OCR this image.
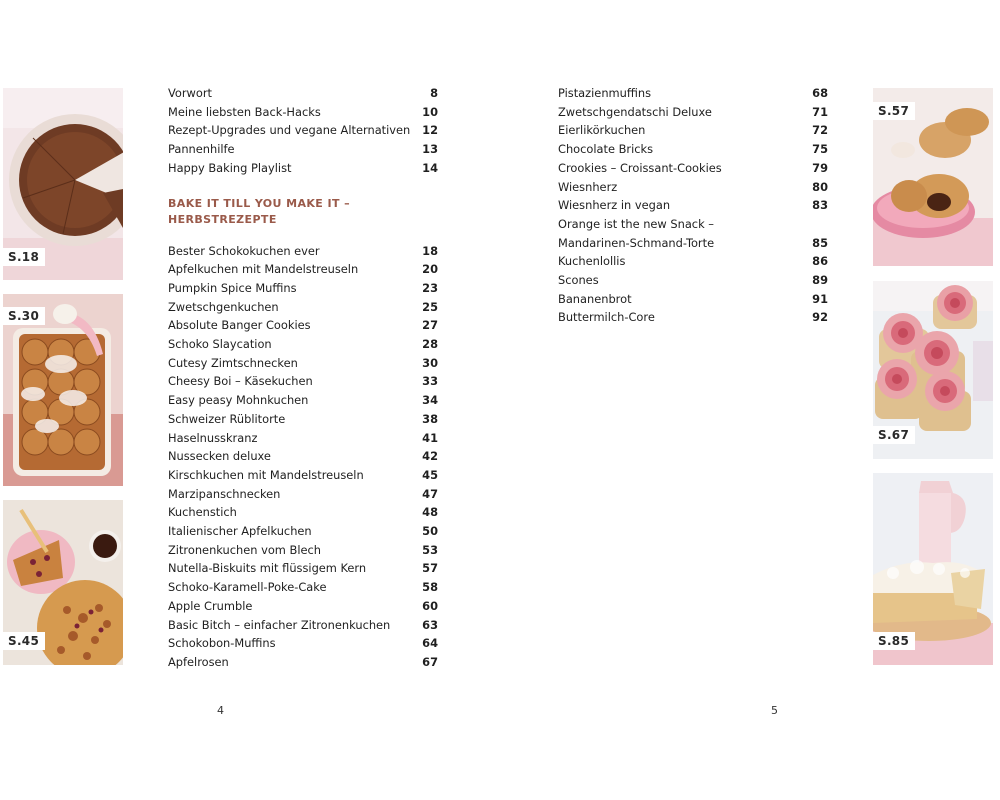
S.18
S.30
S.45
S.57
S.67
S.85
Vorwort	8
Meine liebsten Back-Hacks	10
Rezept-Upgrades und vegane Alternativen 12
Pannenhilfe	13
Happy Baking Playlist	14
BAKE IT TILL YOU MAKE IT –
HERBSTREZEPTE
Bester Schokokuchen ever	18
Apfelkuchen mit Mandelstreuseln	20
Pumpkin Spice Muffins	23
Zwetschgenkuchen	25
Absolute Banger Cookies	27
Schoko Slaycation	28
Cutesy Zimtschnecken	30
Cheesy Boi – Käsekuchen	33
Easy peasy Mohnkuchen	34
Schweizer Rüblitorte	38
Haselnusskranz	41
Nussecken deluxe	42
Kirschkuchen mit Mandelstreuseln	45
Marzipanschnecken	47
Kuchenstich	48
Italienischer Apfelkuchen	50
Zitronenkuchen vom Blech	53
Nutella-Biskuits mit flüssigem Kern	57
Schoko-Karamell-Poke-Cake	58
Apple Crumble	60
Basic Bitch – einfacher Zitronenkuchen	63
Schokobon-Muffins	64
Apfelrosen	67
4
Pistazienmuffins	68
Zwetschgendatschi Deluxe	71
Eierlikörkuchen	72
Chocolate Bricks	75
Crookies – Croissant-Cookies	79
Wiesnherz	80
Wiesnherz in vegan	83
Orange ist the new Snack –
Mandarinen-Schmand-Torte	85
Kuchenlollis	86
Scones	89
Bananenbrot	91
Buttermilch-Core	92
5
